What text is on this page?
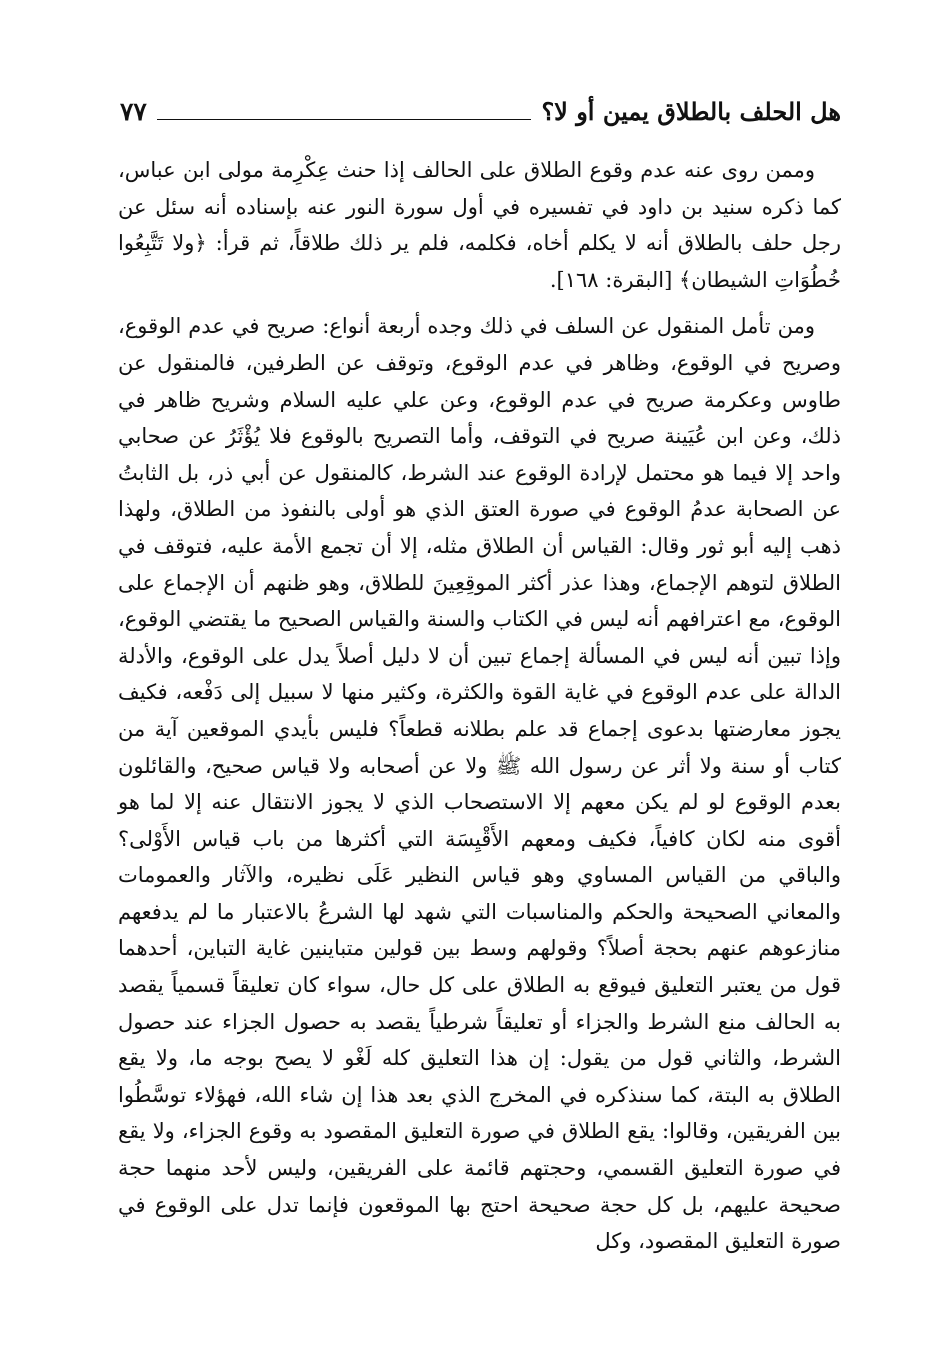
هل الحلف بالطلاق يمين أو لا؟
٧٧

وممن روى عنه عدم وقوع الطلاق على الحالف إذا حنث عِكْرِمة مولى ابن عباس، كما ذكره سنيد بن داود في تفسيره في أول سورة النور عنه بإسناده أنه سئل عن رجل حلف بالطلاق أنه لا يكلم أخاه، فكلمه، فلم ير ذلك طلاقاً، ثم قرأ: ﴿ولا تَتَّبِعُوا خُطُوَاتِ الشيطان﴾ [البقرة: ١٦٨].

ومن تأمل المنقول عن السلف في ذلك وجده أربعة أنواع: صريح في عدم الوقوع، وصريح في الوقوع، وظاهر في عدم الوقوع، وتوقف عن الطرفين، فالمنقول عن طاوس وعكرمة صريح في عدم الوقوع، وعن علي عليه السلام وشريح ظاهر في ذلك، وعن ابن عُيَينة صريح في التوقف، وأما التصريح بالوقوع فلا يُؤْثَرُ عن صحابي واحد إلا فيما هو محتمل لإرادة الوقوع عند الشرط، كالمنقول عن أبي ذر، بل الثابتُ عن الصحابة عدمُ الوقوع في صورة العتق الذي هو أولى بالنفوذ من الطلاق، ولهذا ذهب إليه أبو ثور وقال: القياس أن الطلاق مثله، إلا أن تجمع الأمة عليه، فتوقف في الطلاق لتوهم الإجماع، وهذا عذر أكثر الموقِعِينَ للطلاق، وهو ظنهم أن الإجماع على الوقوع، مع اعترافهم أنه ليس في الكتاب والسنة والقياس الصحيح ما يقتضي الوقوع، وإذا تبين أنه ليس في المسألة إجماع تبين أن لا دليل أصلاً يدل على الوقوع، والأدلة الدالة على عدم الوقوع في غاية القوة والكثرة، وكثير منها لا سبيل إلى دَفْعه، فكيف يجوز معارضتها بدعوى إجماع قد علم بطلانه قطعاً؟ فليس بأيدي الموقعين آية من كتاب أو سنة ولا أثر عن رسول الله ﷺ ولا عن أصحابه ولا قياس صحيح، والقائلون بعدم الوقوع لو لم يكن معهم إلا الاستصحاب الذي لا يجوز الانتقال عنه إلا لما هو أقوى منه لكان كافياً، فكيف ومعهم الأَقْيِسَة التي أكثرها من باب قياس الأَوْلى؟ والباقي من القياس المساوي وهو قياس النظير عَلَى نظيره، والآثار والعمومات والمعاني الصحيحة والحكم والمناسبات التي شهد لها الشرعُ بالاعتبار ما لم يدفعهم منازعوهم عنهم بحجة أصلاً؟ وقولهم وسط بين قولين متباينين غاية التباين، أحدهما قول من يعتبر التعليق فيوقع به الطلاق على كل حال، سواء كان تعليقاً قسمياً يقصد به الحالف منع الشرط والجزاء أو تعليقاً شرطياً يقصد به حصول الجزاء عند حصول الشرط، والثاني قول من يقول: إن هذا التعليق كله لَغْو لا يصح بوجه ما، ولا يقع الطلاق به البتة، كما سنذكره في المخرج الذي بعد هذا إن شاء الله، فهؤلاء توسَّطُوا بين الفريقين، وقالوا: يقع الطلاق في صورة التعليق المقصود به وقوع الجزاء، ولا يقع في صورة التعليق القسمي، وحجتهم قائمة على الفريقين، وليس لأحد منهما حجة صحيحة عليهم، بل كل حجة صحيحة احتج بها الموقعون فإنما تدل على الوقوع في صورة التعليق المقصود، وكل
